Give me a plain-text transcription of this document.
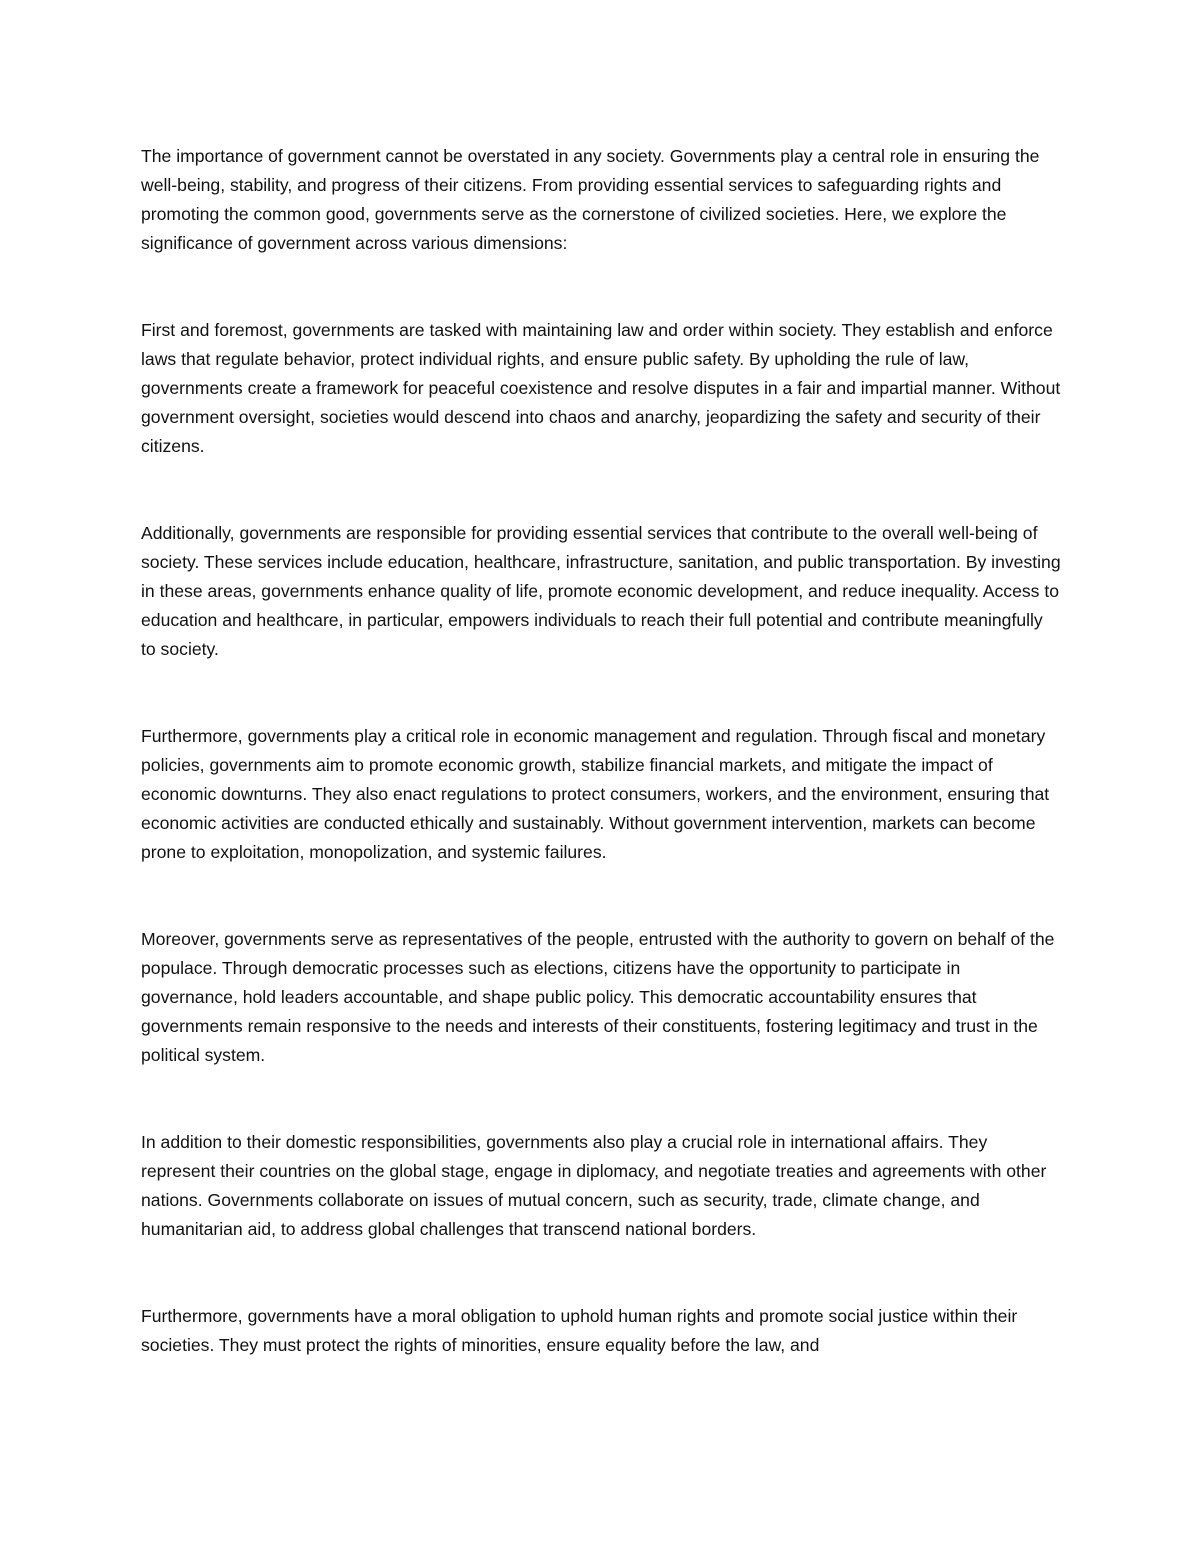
The importance of government cannot be overstated in any society. Governments play a central role in ensuring the well-being, stability, and progress of their citizens. From providing essential services to safeguarding rights and promoting the common good, governments serve as the cornerstone of civilized societies. Here, we explore the significance of government across various dimensions:

First and foremost, governments are tasked with maintaining law and order within society. They establish and enforce laws that regulate behavior, protect individual rights, and ensure public safety. By upholding the rule of law, governments create a framework for peaceful coexistence and resolve disputes in a fair and impartial manner. Without government oversight, societies would descend into chaos and anarchy, jeopardizing the safety and security of their citizens.

Additionally, governments are responsible for providing essential services that contribute to the overall well-being of society. These services include education, healthcare, infrastructure, sanitation, and public transportation. By investing in these areas, governments enhance quality of life, promote economic development, and reduce inequality. Access to education and healthcare, in particular, empowers individuals to reach their full potential and contribute meaningfully to society.

Furthermore, governments play a critical role in economic management and regulation. Through fiscal and monetary policies, governments aim to promote economic growth, stabilize financial markets, and mitigate the impact of economic downturns. They also enact regulations to protect consumers, workers, and the environment, ensuring that economic activities are conducted ethically and sustainably. Without government intervention, markets can become prone to exploitation, monopolization, and systemic failures.

Moreover, governments serve as representatives of the people, entrusted with the authority to govern on behalf of the populace. Through democratic processes such as elections, citizens have the opportunity to participate in governance, hold leaders accountable, and shape public policy. This democratic accountability ensures that governments remain responsive to the needs and interests of their constituents, fostering legitimacy and trust in the political system.

In addition to their domestic responsibilities, governments also play a crucial role in international affairs. They represent their countries on the global stage, engage in diplomacy, and negotiate treaties and agreements with other nations. Governments collaborate on issues of mutual concern, such as security, trade, climate change, and humanitarian aid, to address global challenges that transcend national borders.

Furthermore, governments have a moral obligation to uphold human rights and promote social justice within their societies. They must protect the rights of minorities, ensure equality before the law, and
